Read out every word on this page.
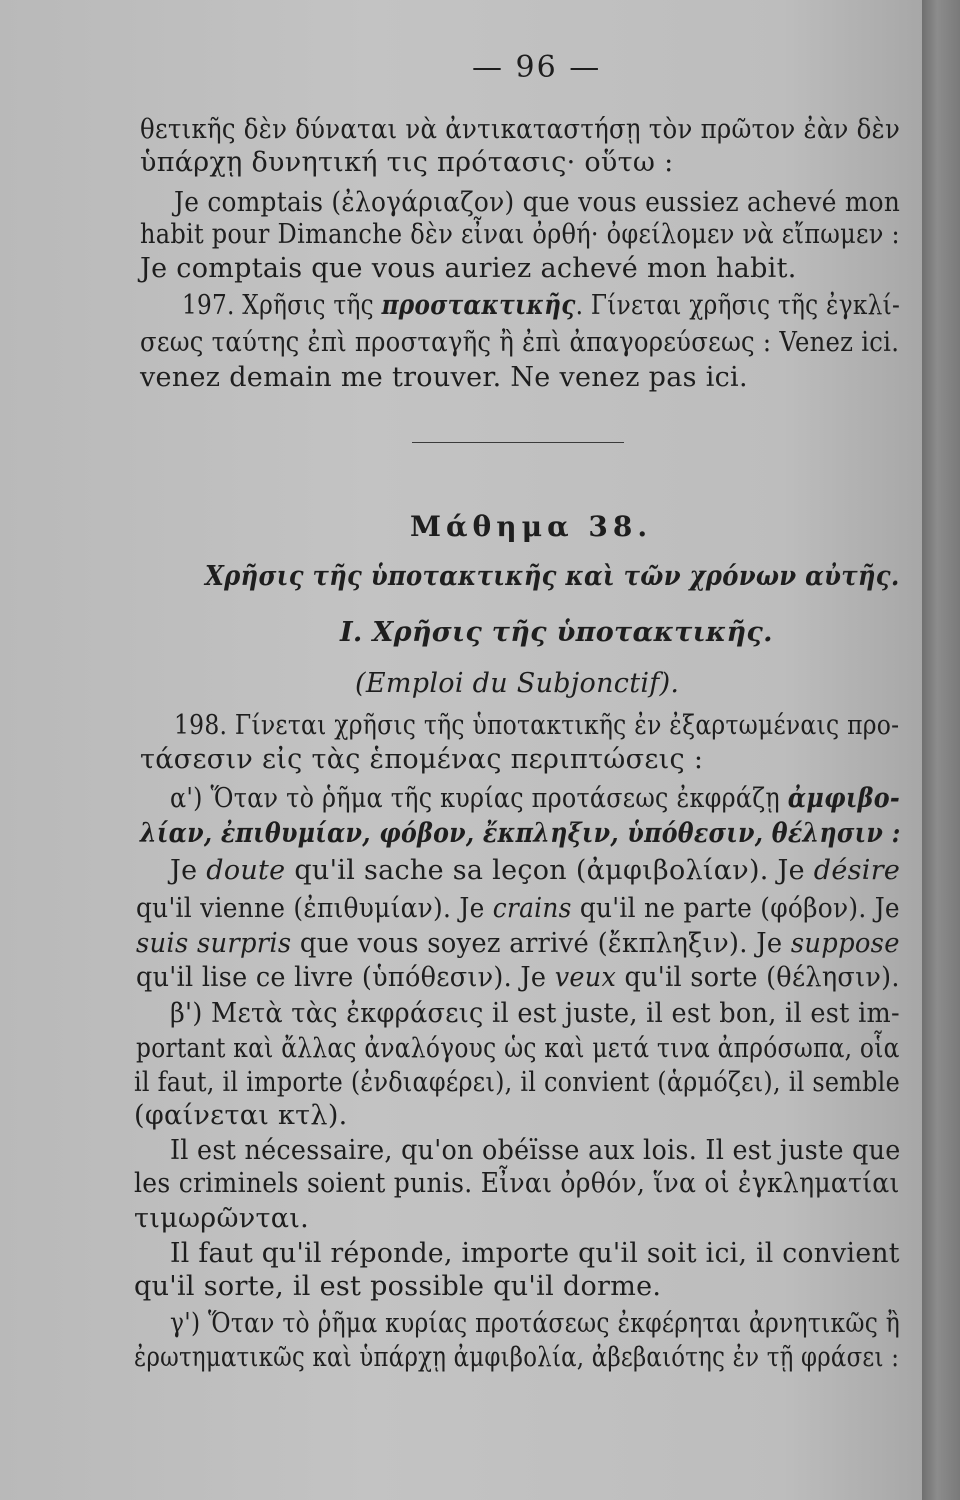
— 96 —
θετικῆς δὲν δύναται νὰ ἀντικαταστήσῃ τὸν πρῶτον ἐὰν δὲν
ὑπάρχῃ δυνητική τις πρότασις· οὕτω :
Je comptais (ἐλογάριαζον) que vous eussiez achevé mon
habit pour Dimanche δὲν εἶναι ὀρθή· ὀφείλομεν νὰ εἴπωμεν :
Je comptais que vous auriez achevé mon habit.
197. Χρῆσις τῆς προστακτικῆς. Γίνεται χρῆσις τῆς ἐγκλί-
σεως ταύτης ἐπὶ προσταγῆς ἢ ἐπὶ ἀπαγορεύσεως : Venez ici.
venez demain me trouver. Ne venez pas ici.
Μάθημα 38.
Χρῆσις τῆς ὑποτακτικῆς καὶ τῶν χρόνων αὐτῆς.
I. Χρῆσις τῆς ὑποτακτικῆς.
(Emploi du Subjonctif).
198. Γίνεται χρῆσις τῆς ὑποτακτικῆς ἐν ἐξαρτωμέναις προ-
τάσεσιν εἰς τὰς ἑπομένας περιπτώσεις :
α') Ὅταν τὸ ῥῆμα τῆς κυρίας προτάσεως ἐκφράζῃ ἀμφιβο-
λίαν, ἐπιθυμίαν, φόβον, ἔκπληξιν, ὑπόθεσιν, θέλησιν :
Je doute qu'il sache sa leçon (ἀμφιβολίαν). Je désire
qu'il vienne (ἐπιθυμίαν). Je crains qu'il ne parte (φόβον). Je
suis surpris que vous soyez arrivé (ἔκπληξιν). Je suppose
qu'il lise ce livre (ὑπόθεσιν). Je veux qu'il sorte (θέλησιν).
β') Μετὰ τὰς ἐκφράσεις il est juste, il est bon, il est im-
portant καὶ ἄλλας ἀναλόγους ὡς καὶ μετά τινα ἀπρόσωπα, οἷα
il faut, il importe (ἐνδιαφέρει), il convient (ἁρμόζει), il semble
(φαίνεται κτλ).
Il est nécessaire, qu'on obéïsse aux lois. Il est juste que
les criminels soient punis. Εἶναι ὀρθόν, ἵνα οἱ ἐγκληματίαι
τιμωρῶνται.
Il faut qu'il réponde, importe qu'il soit ici, il convient
qu'il sorte, il est possible qu'il dorme.
γ') Ὅταν τὸ ῥῆμα κυρίας προτάσεως ἐκφέρηται ἀρνητικῶς ἢ
ἐρωτηματικῶς καὶ ὑπάρχῃ ἀμφιβολία, ἀβεβαιότης ἐν τῇ φράσει :
